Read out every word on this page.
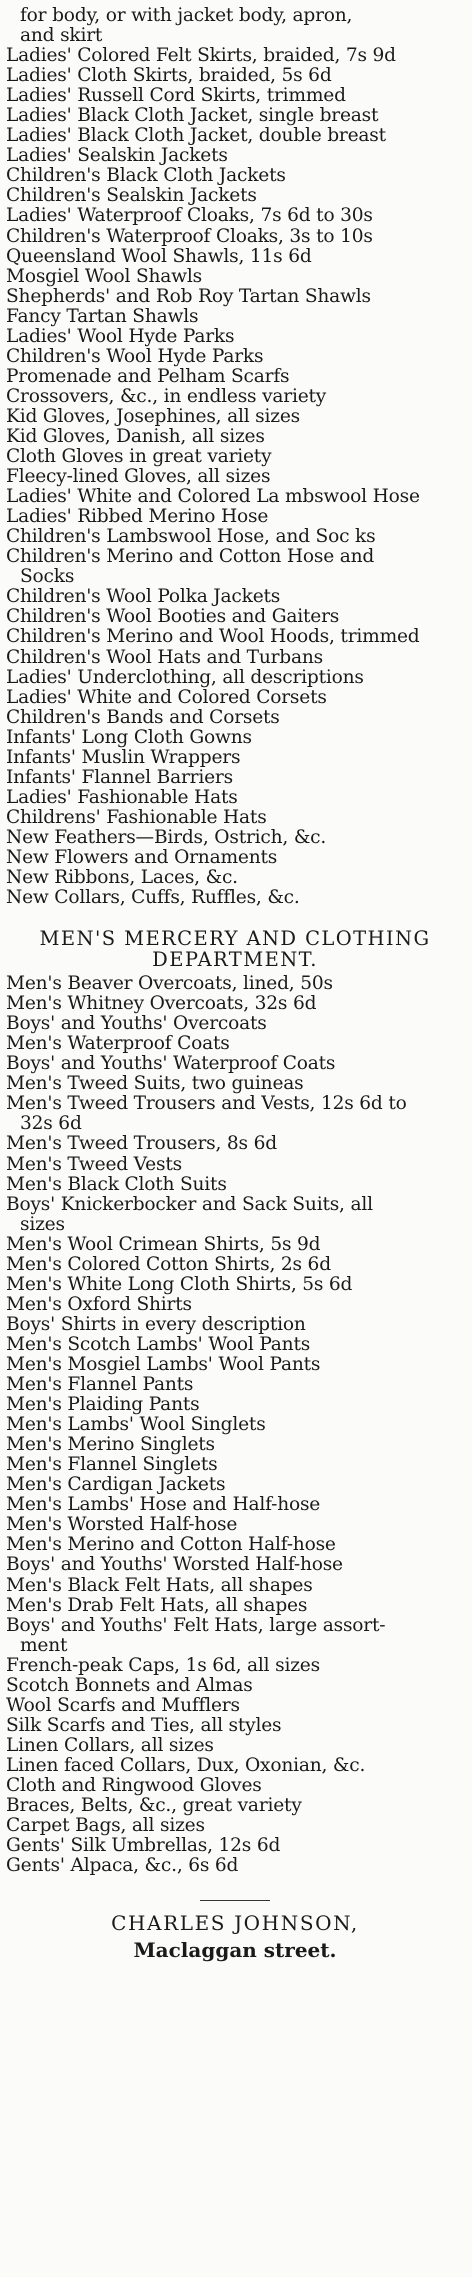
for body, or with jacket body, apron,
and skirt
Ladies' Colored Felt Skirts, braided, 7s 9d
Ladies' Cloth Skirts, braided, 5s 6d
Ladies' Russell Cord Skirts, trimmed
Ladies' Black Cloth Jacket, single breast
Ladies' Black Cloth Jacket, double breast
Ladies' Sealskin Jackets
Children's Black Cloth Jackets
Children's Sealskin Jackets
Ladies' Waterproof Cloaks, 7s 6d to 30s
Children's Waterproof Cloaks, 3s to 10s
Queensland Wool Shawls, 11s 6d
Mosgiel Wool Shawls
Shepherds' and Rob Roy Tartan Shawls
Fancy Tartan Shawls
Ladies' Wool Hyde Parks
Children's Wool Hyde Parks
Promenade and Pelham Scarfs
Crossovers, &c., in endless variety
Kid Gloves, Josephines, all sizes
Kid Gloves, Danish, all sizes
Cloth Gloves in great variety
Fleecy-lined Gloves, all sizes
Ladies' White and Colored La mbswool Hose
Ladies' Ribbed Merino Hose
Children's Lambswool Hose, and Soc ks
Children's Merino and Cotton Hose and
Socks
Children's Wool Polka Jackets
Children's Wool Booties and Gaiters
Children's Merino and Wool Hoods, trimmed
Children's Wool Hats and Turbans
Ladies' Underclothing, all descriptions
Ladies' White and Colored Corsets
Children's Bands and Corsets
Infants' Long Cloth Gowns
Infants' Muslin Wrappers
Infants' Flannel Barriers
Ladies' Fashionable Hats
Childrens' Fashionable Hats
New Feathers—Birds, Ostrich, &c.
New Flowers and Ornaments
New Ribbons, Laces, &c.
New Collars, Cuffs, Ruffles, &c.
MEN'S MERCERY AND CLOTHING
DEPARTMENT.
Men's Beaver Overcoats, lined, 50s
Men's Whitney Overcoats, 32s 6d
Boys' and Youths' Overcoats
Men's Waterproof Coats
Boys' and Youths' Waterproof Coats
Men's Tweed Suits, two guineas
Men's Tweed Trousers and Vests, 12s 6d to
32s 6d
Men's Tweed Trousers, 8s 6d
Men's Tweed Vests
Men's Black Cloth Suits
Boys' Knickerbocker and Sack Suits, all
sizes
Men's Wool Crimean Shirts, 5s 9d
Men's Colored Cotton Shirts, 2s 6d
Men's White Long Cloth Shirts, 5s 6d
Men's Oxford Shirts
Boys' Shirts in every description
Men's Scotch Lambs' Wool Pants
Men's Mosgiel Lambs' Wool Pants
Men's Flannel Pants
Men's Plaiding Pants
Men's Lambs' Wool Singlets
Men's Merino Singlets
Men's Flannel Singlets
Men's Cardigan Jackets
Men's Lambs' Hose and Half-hose
Men's Worsted Half-hose
Men's Merino and Cotton Half-hose
Boys' and Youths' Worsted Half-hose
Men's Black Felt Hats, all shapes
Men's Drab Felt Hats, all shapes
Boys' and Youths' Felt Hats, large assort-
ment
French-peak Caps, 1s 6d, all sizes
Scotch Bonnets and Almas
Wool Scarfs and Mufflers
Silk Scarfs and Ties, all styles
Linen Collars, all sizes
Linen faced Collars, Dux, Oxonian, &c.
Cloth and Ringwood Gloves
Braces, Belts, &c., great variety
Carpet Bags, all sizes
Gents' Silk Umbrellas, 12s 6d
Gents' Alpaca, &c., 6s 6d
CHARLES JOHNSON,
Maclaggan street.
